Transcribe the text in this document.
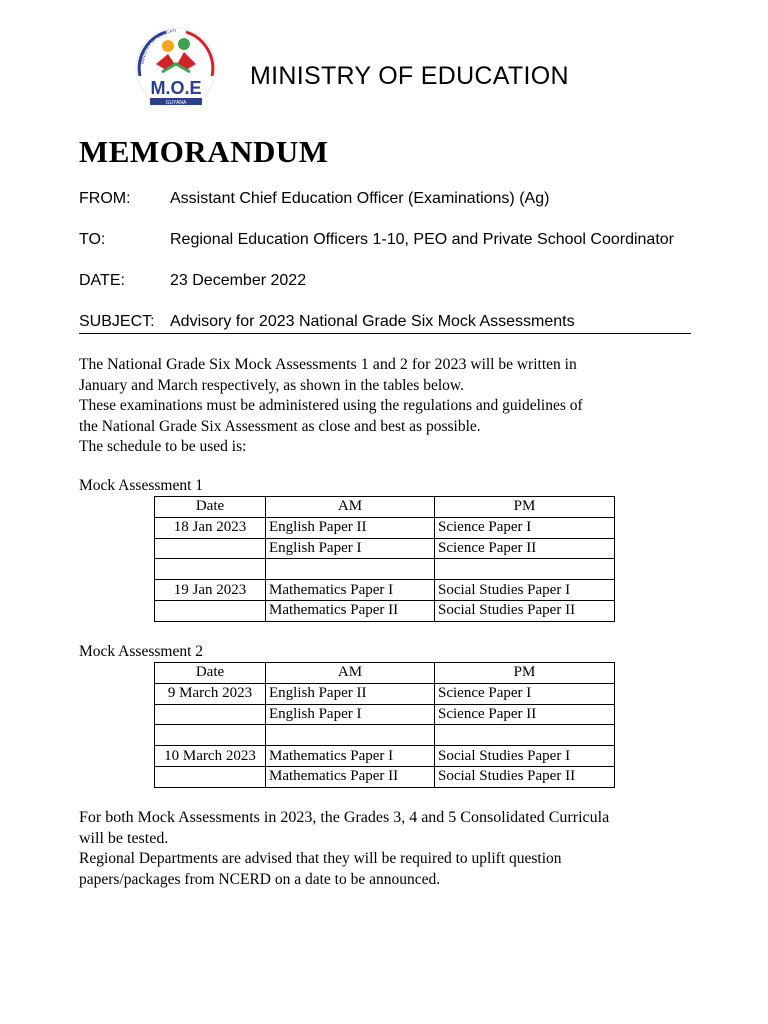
M.O.E
GUYANA
MINISTRY OF EDUCATI
MINISTRY OF EDUCATION
MEMORANDUM
FROM: Assistant Chief Education Officer (Examinations) (Ag)
TO:	Regional Education Officers 1-10, PEO and Private School Coordinator
DATE:	23 December 2022
SUBJECT: Advisory for 2023 National Grade Six Mock Assessments

The National Grade Six Mock Assessments 1 and 2 for 2023 will be written in

January and March respectively, as shown in the tables below.

These examinations must be administered using the regulations and guidelines of

the National Grade Six Assessment as close and best as possible.

The schedule to be used is:

Mock Assessment 1
Date	AM	PM
18 Jan 2023	English Paper II	Science Paper I
	English Paper I	Science Paper II

19 Jan 2023	Mathematics Paper I	Social Studies Paper I
	Mathematics Paper II	Social Studies Paper II
Mock Assessment 2
Date	AM	PM
9 March 2023	English Paper II	Science Paper I
	English Paper I	Science Paper II

10 March 2023	Mathematics Paper I	Social Studies Paper I
	Mathematics Paper II	Social Studies Paper II

For both Mock Assessments in 2023, the Grades 3, 4 and 5 Consolidated Curricula

will be tested.

Regional Departments are advised that they will be required to uplift question

papers/packages from NCERD on a date to be announced.
